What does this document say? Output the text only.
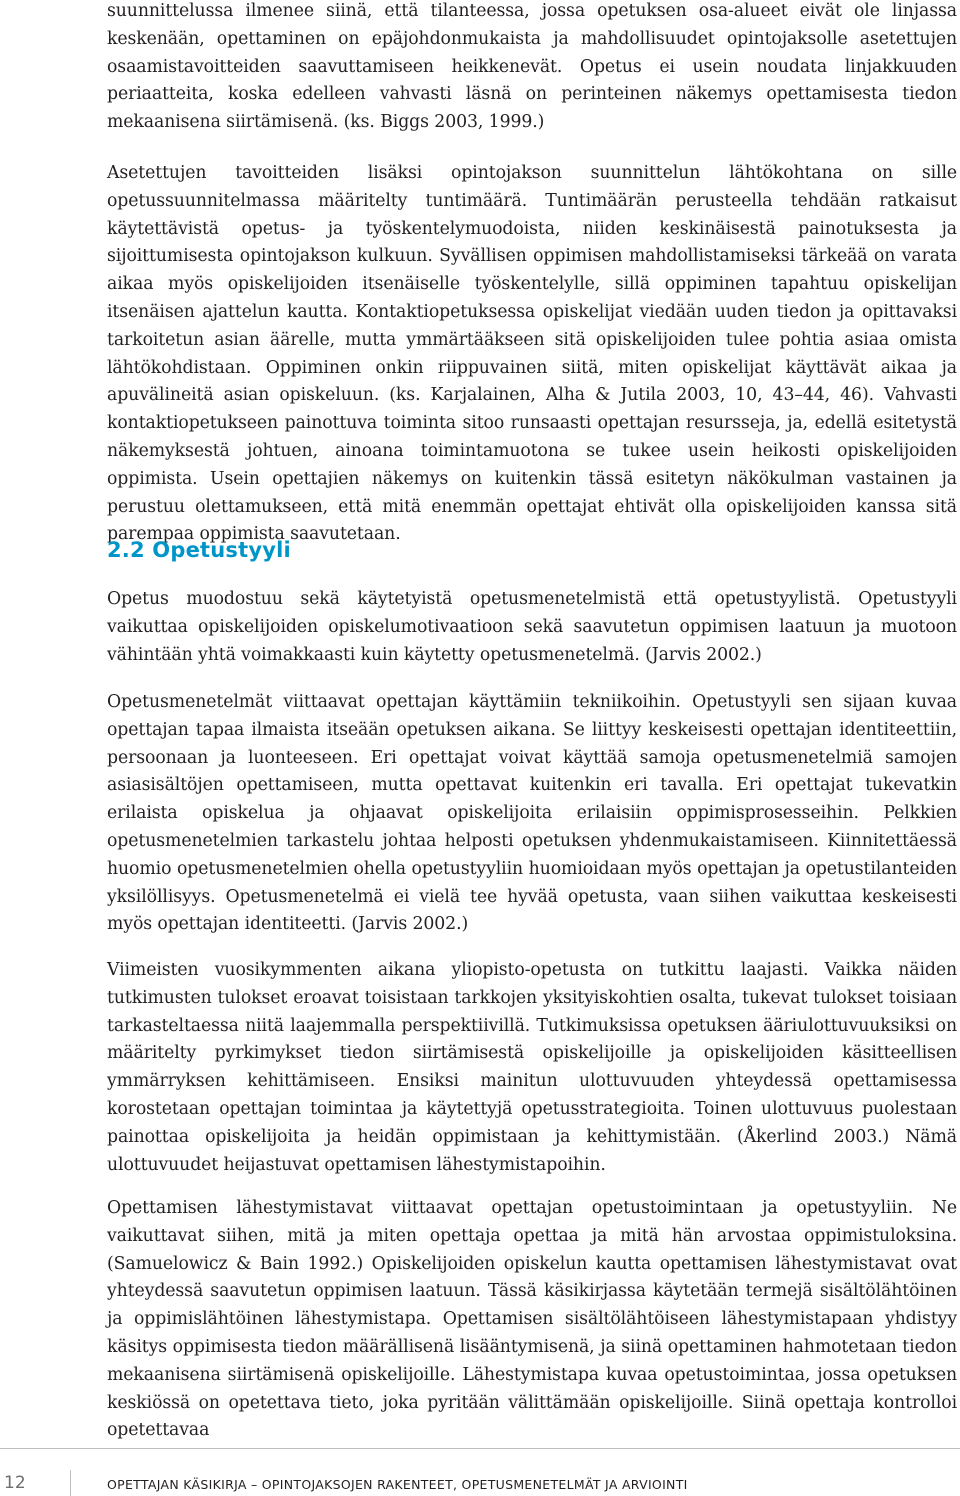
suunnittelussa ilmenee siinä, että tilanteessa, jossa opetuksen osa-alueet eivät ole linjassa keskenään, opettaminen on epäjohdonmukaista ja mahdollisuudet opintojaksolle asetettujen osaamistavoitteiden saavuttamiseen heikkenevät. Opetus ei usein noudata linjakkuuden periaatteita, koska edelleen vahvasti läsnä on perinteinen näkemys opettamisesta tiedon mekaanisena siirtämisenä. (ks. Biggs 2003, 1999.)

Asetettujen tavoitteiden lisäksi opintojakson suunnittelun lähtökohtana on sille opetussuunnitelmassa määritelty tuntimäärä. Tuntimäärän perusteella tehdään ratkaisut käytettävistä opetus- ja työskentelymuodoista, niiden keskinäisestä painotuksesta ja sijoittumisesta opintojakson kulkuun. Syvällisen oppimisen mahdollistamiseksi tärkeää on varata aikaa myös opiskelijoiden itsenäiselle työskentelylle, sillä oppiminen tapahtuu opiskelijan itsenäisen ajattelun kautta. Kontaktiopetuksessa opiskelijat viedään uuden tiedon ja opittavaksi tarkoitetun asian äärelle, mutta ymmärtääkseen sitä opiskelijoiden tulee pohtia asiaa omista lähtökohdistaan. Oppiminen onkin riippuvainen siitä, miten opiskelijat käyttävät aikaa ja apuvälineitä asian opiskeluun. (ks. Karjalainen, Alha & Jutila 2003, 10, 43–44, 46). Vahvasti kontaktiopetukseen painottuva toiminta sitoo runsaasti opettajan resursseja, ja, edellä esitetystä näkemyksestä johtuen, ainoana toimintamuotona se tukee usein heikosti opiskelijoiden oppimista. Usein opettajien näkemys on kuitenkin tässä esitetyn näkökulman vastainen ja perustuu olettamukseen, että mitä enemmän opettajat ehtivät olla opiskelijoiden kanssa sitä parempaa oppimista saavutetaan.

2.2 Opetustyyli

Opetus muodostuu sekä käytetyistä opetusmenetelmistä että opetustyylistä. Opetustyyli vaikuttaa opiskelijoiden opiskelumotivaatioon sekä saavutetun oppimisen laatuun ja muotoon vähintään yhtä voimakkaasti kuin käytetty opetusmenetelmä. (Jarvis 2002.)

Opetusmenetelmät viittaavat opettajan käyttämiin tekniikoihin. Opetustyyli sen sijaan kuvaa opettajan tapaa ilmaista itseään opetuksen aikana. Se liittyy keskeisesti opettajan identiteettiin, persoonaan ja luonteeseen. Eri opettajat voivat käyttää samoja opetusmenetelmiä samojen asiasisältöjen opettamiseen, mutta opettavat kuitenkin eri tavalla. Eri opettajat tukevatkin erilaista opiskelua ja ohjaavat opiskelijoita erilaisiin oppimisprosesseihin. Pelkkien opetusmenetelmien tarkastelu johtaa helposti opetuksen yhdenmukaistamiseen. Kiinnitettäessä huomio opetusmenetelmien ohella opetustyyliin huomioidaan myös opettajan ja opetustilanteiden yksilöllisyys. Opetusmenetelmä ei vielä tee hyvää opetusta, vaan siihen vaikuttaa keskeisesti myös opettajan identiteetti. (Jarvis 2002.)

Viimeisten vuosikymmenten aikana yliopisto-opetusta on tutkittu laajasti. Vaikka näiden tutkimusten tulokset eroavat toisistaan tarkkojen yksityiskohtien osalta, tukevat tulokset toisiaan tarkasteltaessa niitä laajemmalla perspektiivillä. Tutkimuksissa opetuksen ääriulottuvuuksiksi on määritelty pyrkimykset tiedon siirtämisestä opiskelijoille ja opiskelijoiden käsitteellisen ymmärryksen kehittämiseen. Ensiksi mainitun ulottuvuuden yhteydessä opettamisessa korostetaan opettajan toimintaa ja käytettyjä opetusstrategioita. Toinen ulottuvuus puolestaan painottaa opiskelijoita ja heidän oppimistaan ja kehittymistään. (Åkerlind 2003.) Nämä ulottuvuudet heijastuvat opettamisen lähestymistapoihin.

Opettamisen lähestymistavat viittaavat opettajan opetustoimintaan ja opetustyyliin. Ne vaikuttavat siihen, mitä ja miten opettaja opettaa ja mitä hän arvostaa oppimistuloksina. (Samuelowicz & Bain 1992.) Opiskelijoiden opiskelun kautta opettamisen lähestymistavat ovat yhteydessä saavutetun oppimisen laatuun. Tässä käsikirjassa käytetään termejä sisältölähtöinen ja oppimislähtöinen lähestymistapa. Opettamisen sisältölähtöiseen lähestymistapaan yhdistyy käsitys oppimisesta tiedon määrällisenä lisääntymisenä, ja siinä opettaminen hahmotetaan tiedon mekaanisena siirtämisenä opiskelijoille. Lähestymistapa kuvaa opetustoimintaa, jossa opetuksen keskiössä on opetettava tieto, joka pyritään välittämään opiskelijoille. Siinä opettaja kontrolloi opetettavaa

12	OPETTAJAN KÄSIKIRJA – OPINTOJAKSOJEN RAKENTEET, OPETUSMENETELMÄT JA ARVIOINTI
